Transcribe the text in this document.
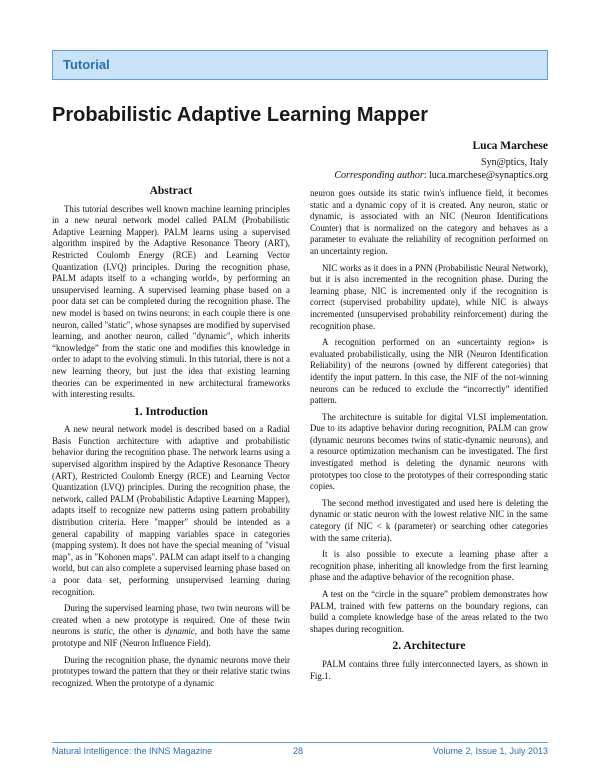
Tutorial
Probabilistic Adaptive Learning Mapper
Luca Marchese
Syn@ptics, Italy
Corresponding author: luca.marchese@synaptics.org
Abstract

This tutorial describes well known machine learning principles in a new neural network model called PALM (Probabilistic Adaptive Learning Mapper). PALM learns using a supervised algorithm inspired by the Adaptive Resonance Theory (ART), Restricted Coulomb Energy (RCE) and Learning Vector Quantization (LVQ) principles. During the recognition phase, PALM adapts itself to a «changing world», by performing an unsupervised learning. A supervised learning phase based on a poor data set can be completed during the recognition phase. The new model is based on twins neurons: in each couple there is one neuron, called "static", whose synapses are modified by supervised learning, and another neuron, called "dynamic", which inherits “knowledge” from the static one and modifies this knowledge in order to adapt to the evolving stimuli. In this tutorial, there is not a new learning theory, but just the idea that existing learning theories can be experimented in new architectural frameworks with interesting results.

1. Introduction

A new neural network model is described based on a Radial Basis Function architecture with adaptive and probabilistic behavior during the recognition phase. The network learns using a supervised algorithm inspired by the Adaptive Resonance Theory (ART), Restricted Coulomb Energy (RCE) and Learning Vector Quantization (LVQ) principles. During the recognition phase, the network, called PALM (Probabilistic Adaptive Learning Mapper), adapts itself to recognize new patterns using pattern probability distribution criteria. Here "mapper" should be intended as a general capability of mapping variables space in categories (mapping system). It does not have the special meaning of "visual map", as in "Kohonen maps". PALM can adapt itself to a changing world, but can also complete a supervised learning phase based on a poor data set, performing unsupervised learning during recognition.

During the supervised learning phase, two twin neurons will be created when a new prototype is required. One of these twin neurons is static, the other is dynamic, and both have the same prototype and NIF (Neuron Influence Field).

During the recognition phase, the dynamic neurons move their prototypes toward the pattern that they or their relative static twins recognized. When the prototype of a dynamic

neuron goes outside its static twin's influence field, it becomes static and a dynamic copy of it is created. Any neuron, static or dynamic, is associated with an NIC (Neuron Identifications Counter) that is normalized on the category and behaves as a parameter to evaluate the reliability of recognition performed on an uncertainty region.

NIC works as it does in a PNN (Probabilistic Neural Network), but it is also incremented in the recognition phase. During the learning phase, NIC is incremented only if the recognition is correct (supervised probability update), while NIC is always incremented (unsupervised probability reinforcement) during the recognition phase.

A recognition performed on an «uncertainty region» is evaluated probabilistically, using the NIR (Neuron Identification Reliability) of the neurons (owned by different categories) that identify the input pattern. In this case, the NIF of the not-winning neurons can be reduced to exclude the “incorrectly” identified pattern.

The architecture is suitable for digital VLSI implementation. Due to its adaptive behavior during recognition, PALM can grow (dynamic neurons becomes twins of static-dynamic neurons), and a resource optimization mechanism can be investigated. The first investigated method is deleting the dynamic neurons with prototypes too close to the prototypes of their corresponding static copies.

The second method investigated and used here is deleting the dynamic or static neuron with the lowest relative NIC in the same category (if NIC < k (parameter) or searching other categories with the same criteria).

It is also possible to execute a learning phase after a recognition phase, inheriting all knowledge from the first learning phase and the adaptive behavior of the recognition phase.

A test on the “circle in the square” problem demonstrates how PALM, trained with few patterns on the boundary regions, can build a complete knowledge base of the areas related to the two shapes during recognition.

2. Architecture

PALM contains three fully interconnected layers, as shown in Fig.1.

Natural Intelligence: the INNS Magazine	28	Volume 2, Issue 1, July 2013
